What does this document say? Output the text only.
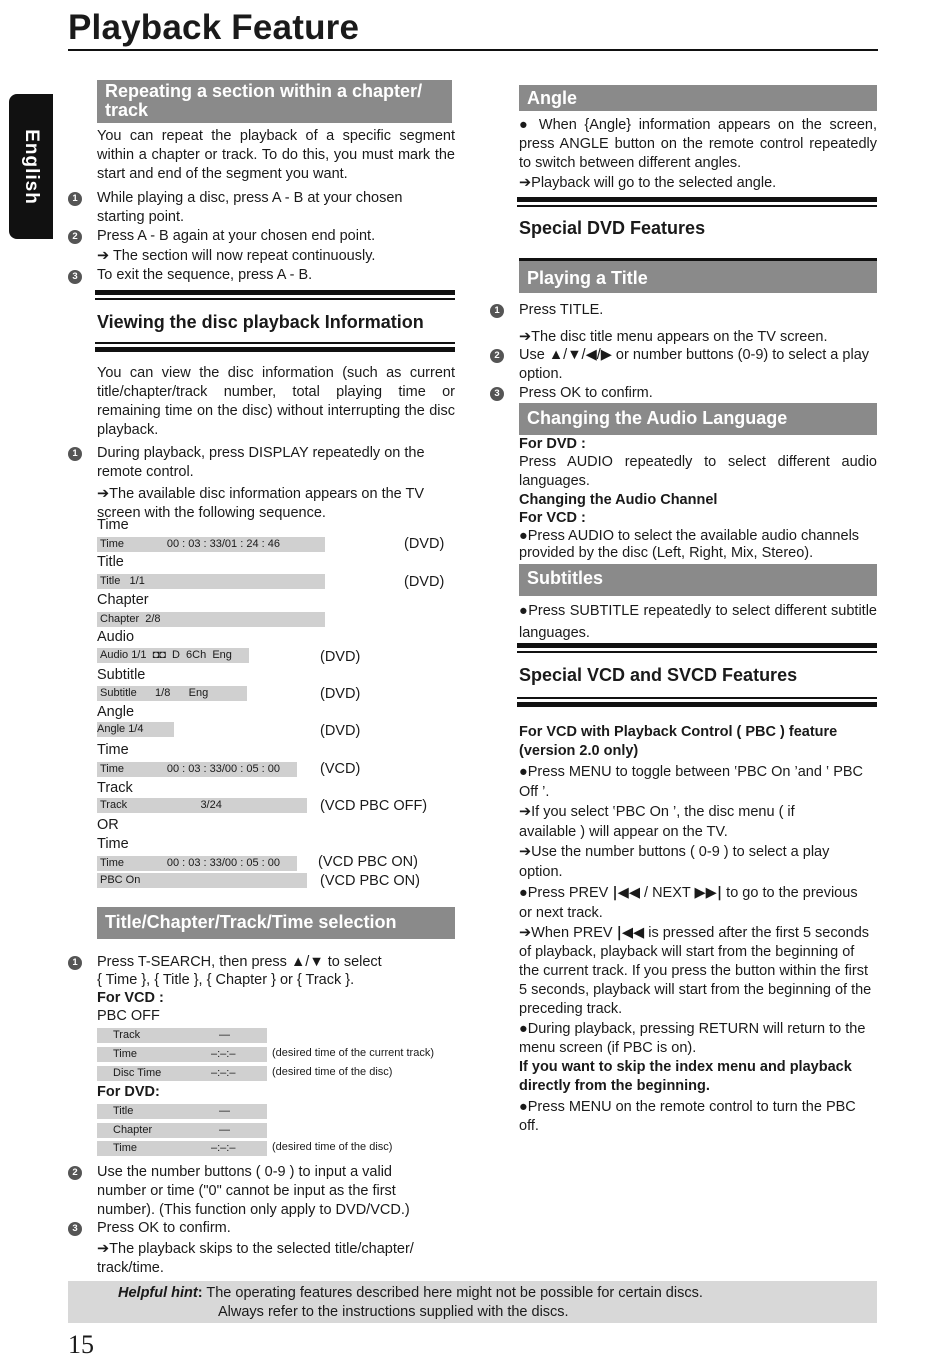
Playback Feature
English
Repeating a section within a chapter/
track
You can repeat the playback of a specific segment within a chapter or track. To do this, you must mark the start and end of the segment you want.
1	While playing a disc, press A - B at your chosen starting point.
2	Press A - B again at your chosen end point.
➔ The section will now repeat continuously.
3	To exit the sequence, press A - B.
Viewing the disc playback Information
You can view the disc information (such as current title/chapter/track number, total playing time or remaining time on the disc) without interrupting the disc playback.
1	During playback, press DISPLAY repeatedly on the remote control.
➔The available disc information appears on the TV screen with the following sequence.
Time
Time              00 : 03 : 33/01 : 24 : 46	(DVD)
Title
Title   1/1	(DVD)
Chapter
Chapter  2/8
Audio
Audio 1/1  ◘◘  D  6Ch  Eng	(DVD)
Subtitle
Subtitle      1/8      Eng	(DVD)
Angle
Angle 1/4	(DVD)
Time
Time              00 : 03 : 33/00 : 05 : 00	(VCD)
Track
Track                        3/24	(VCD PBC OFF)
OR
Time
Time              00 : 03 : 33/00 : 05 : 00	(VCD PBC ON)
PBC On	(VCD PBC ON)
Title/Chapter/Track/Time selection
1	Press T-SEARCH, then press ▲/▼ to select
{ Time }, { Title }, { Chapter } or { Track }.
For VCD :
PBC OFF
Track	—
Time	–:–:–	(desired time of the current track)
Disc Time	–:–:–	(desired time of the disc)
For DVD:
Title	—
Chapter	—
Time	–:–:–	(desired time of the disc)
2	Use the number buttons ( 0-9 ) to input a valid number or time ("0" cannot be input as the first number). (This function only apply to DVD/VCD.)
3	Press OK to confirm.
➔The playback skips to the selected title/chapter/ track/time.
Angle
● When {Angle} information appears on the screen, press ANGLE button on the remote control repeatedly to switch between different angles.
➔Playback will go to the selected angle.
Special DVD Features
Playing a Title
1	Press TITLE.
➔The disc title menu appears on the TV screen.
2	Use ▲/▼/◀/▶ or number buttons (0-9) to select a play option.
3	Press OK to confirm.
Changing the Audio Language
For DVD :
Press AUDIO repeatedly to select different audio languages.
Changing the Audio Channel
For VCD :
●Press AUDIO to select the available audio channels provided by the disc (Left, Right, Mix, Stereo).
Subtitles
●Press SUBTITLE repeatedly to select different subtitle languages.
Special VCD and SVCD Features
For VCD with Playback Control ( PBC ) feature (version 2.0 only)
●Press MENU to toggle between ‛PBC On ’and ‛ PBC Off ’.
➔If you select ‛PBC On ’, the disc menu ( if available ) will appear on the TV.
➔Use the number buttons ( 0-9 ) to select a play option.
●Press PREV |◀◀ / NEXT ▶▶| to go to the previous or next track.
➔When PREV |◀◀ is pressed after the first 5 seconds of playback, playback will start from the beginning of the current track. If you press the button within the first 5 seconds, playback will start from the beginning of the preceding track.
●During playback, pressing RETURN will return to the menu screen (if PBC is on).
If you want to skip the index menu and playback directly from the beginning.
●Press MENU on the remote control to turn the PBC off.
Helpful hint: The operating features described here might not be possible for certain discs.
Always refer to the instructions supplied with the discs.
15
